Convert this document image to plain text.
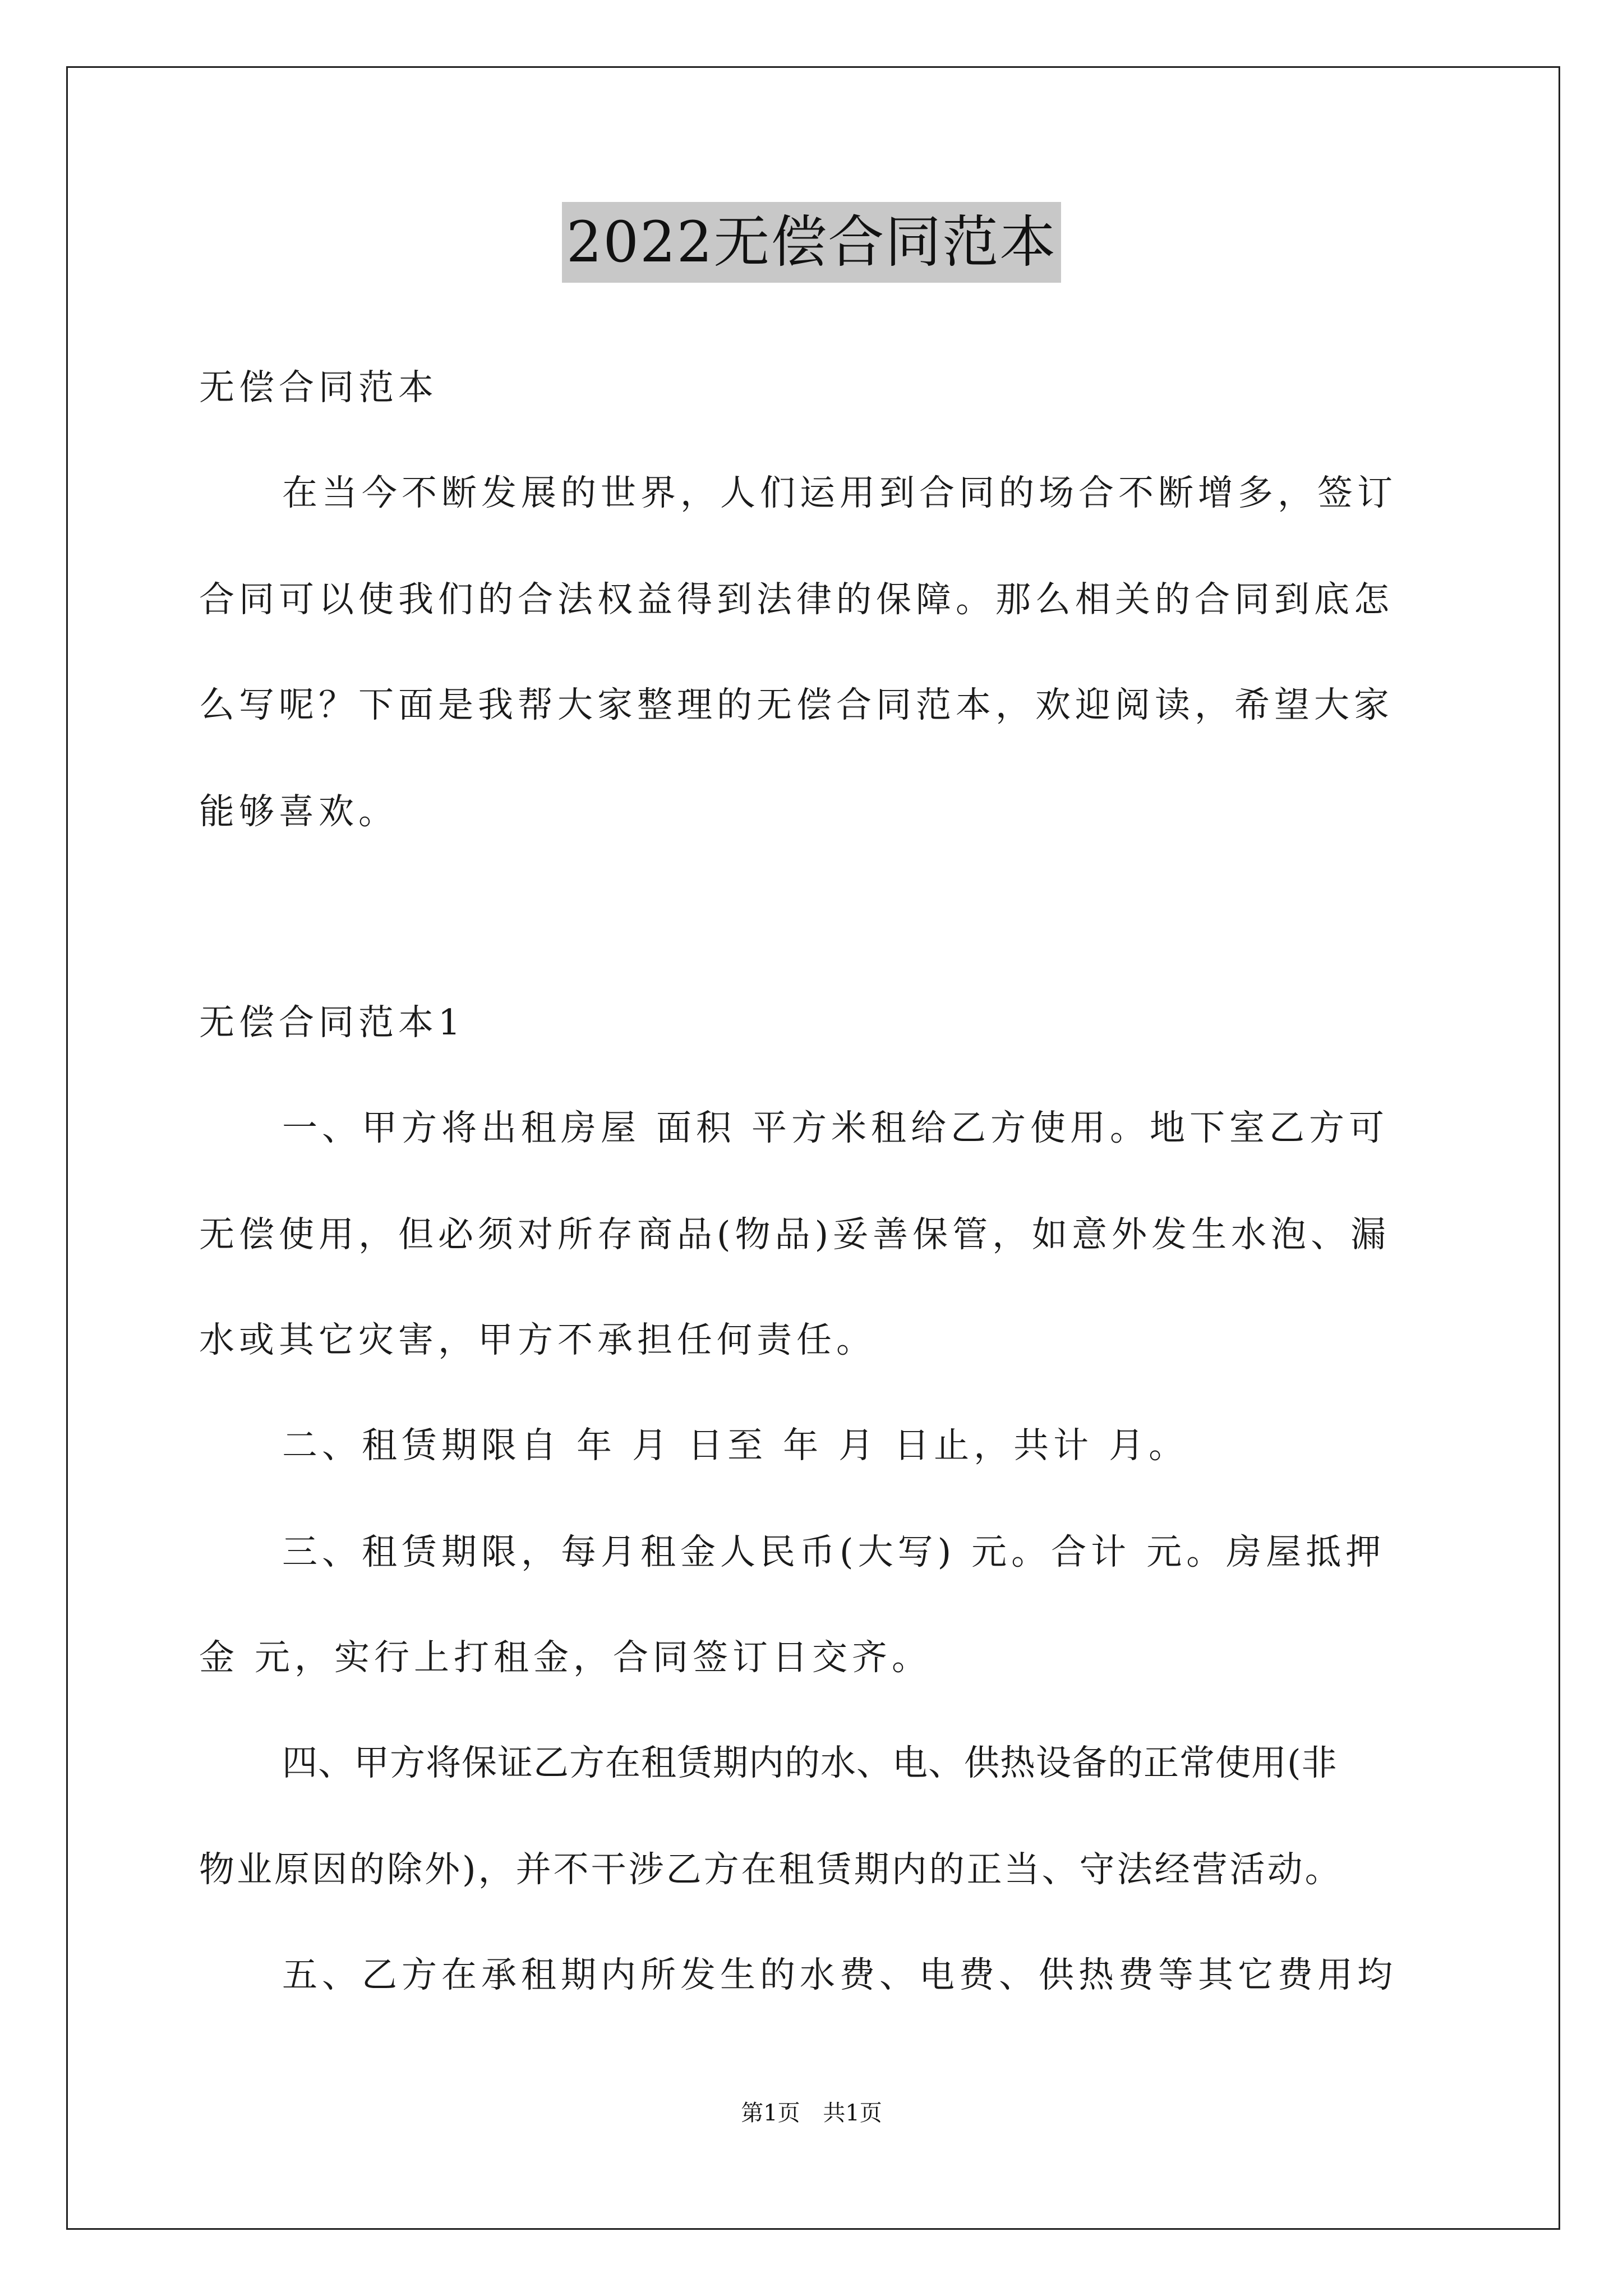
2022无偿合同范本
无偿合同范本
在当今不断发展的世界，人们运用到合同的场合不断增多，签订
合同可以使我们的合法权益得到法律的保障。那么相关的合同到底怎
么写呢？下面是我帮大家整理的无偿合同范本，欢迎阅读，希望大家
能够喜欢。
无偿合同范本1
一、甲方将出租房屋 面积 平方米租给乙方使用。地下室乙方可
无偿使用，但必须对所存商品(物品)妥善保管，如意外发生水泡、漏
水或其它灾害，甲方不承担任何责任。
二、租赁期限自 年 月 日至 年 月 日止，共计 月。
三、租赁期限，每月租金人民币(大写) 元。合计 元。房屋抵押
金 元，实行上打租金，合同签订日交齐。
四、甲方将保证乙方在租赁期内的水、电、供热设备的正常使用(非
物业原因的除外)，并不干涉乙方在租赁期内的正当、守法经营活动。
五、乙方在承租期内所发生的水费、电费、供热费等其它费用均
第1页 共1页
